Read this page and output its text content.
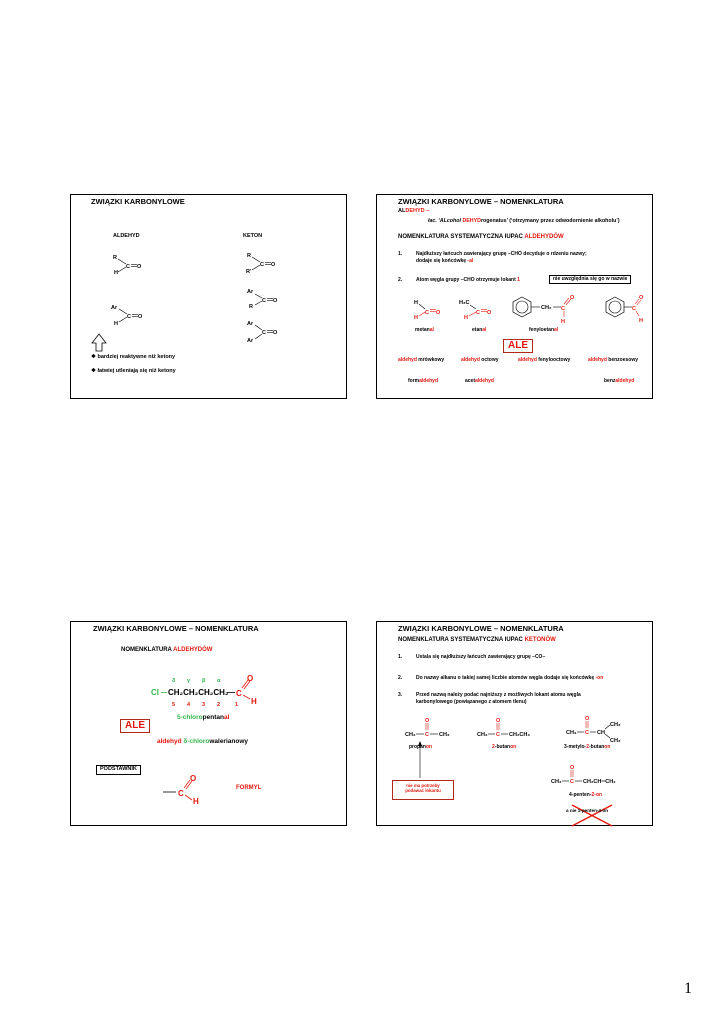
ZWIĄZKI KARBONYLOWE
ALDEHYD	KETON
R
H
C O
Ar
H
C O
R
R'
C O
Ar
R
C O
Ar
Ar
C O
❖ bardziej reaktywne niż ketony
❖ łatwiej utleniają się niż ketony
ZWIĄZKI KARBONYLOWE – NOMENKLATURA
ALDEHYD –
łac. ‘ALcohol DEHYDrogenatus’ (‘otrzymany przez odwodornienie alkoholu’)
NOMENKLATURA SYSTEMATYCZNA IUPAC ALDEHYDÓW
1.	Najdłuższy łańcuch zawierający grupę –CHO decyduje o rdzeniu nazwy;
dodaje się końcówkę -al
2.	Atom węgla grupy –CHO otrzymuje lokant 1	nie uwzględnia się go w nazwie
H
H
C O
H₃C
H
C O
CH₂ C
O
H
C
O
H
metanal	etanal	fenyloetanal
ALE
aldehyd mrówkowy	aldehyd octowy	aldehyd fenylooctowy	aldehyd benzoesowy
formaldehyd	acetaldehyd	benzaldehyd
ZWIĄZKI KARBONYLOWE – NOMENKLATURA
NOMENKLATURA ALDEHYDÓW
δ γ β α
Cl CH₂CH₂CH₂CH₂ C
O
H
C
O
H
5 4 3 2	1
5-chloropentanal
ALE
aldehyd δ-chlorowalerianowy
PODSTAWNIK
FORMYL
ZWIĄZKI KARBONYLOWE – NOMENKLATURA
NOMENKLATURA SYSTEMATYCZNA IUPAC KETONÓW
1.	Ustala się najdłuższy łańcuch zawierający grupę –CO–
2.	Do nazwy alkanu o takiej samej liczbie atomów węgla dodaje się końcówkę -on
3.	Przed nazwą należy podać najniższy z możliwych lokant atomu węgla
karbonylowego (powiązanego z atomem tlenu)
CH₃ C
O
CH₃	CH₃ C
O
CH₂CH₃	CH₃ C
O
CH
CH₃
CH₃
CH₃ C
O
CH₂CH═CH₂
propanon	2-butanon	3-metylo-2-butanon
nie ma potrzeby
podawać lokantu
4-penten-2-on
a nie 1-penten-4-on
1
